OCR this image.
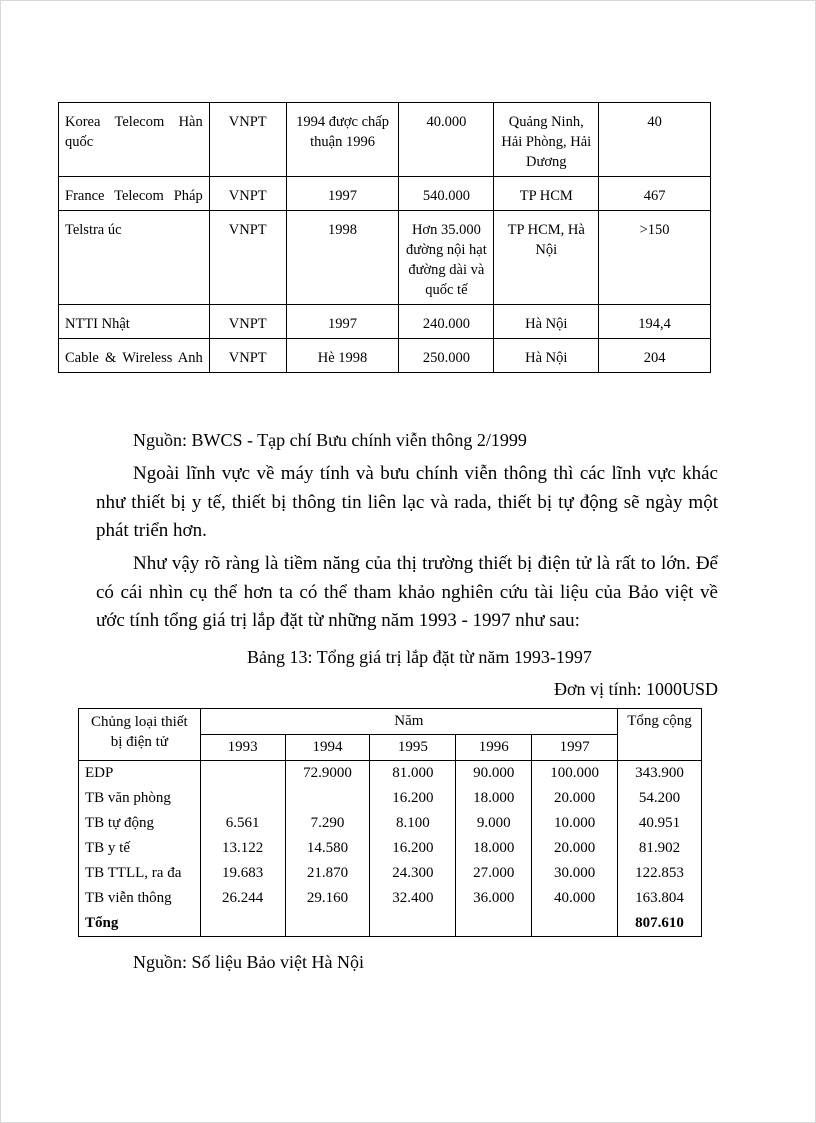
Korea Telecom Hàn quốc	VNPT	1994 được chấp thuận 1996	40.000	Quảng Ninh, Hải Phòng, Hải Dương	40
France Telecom Pháp	VNPT	1997	540.000	TP HCM	467
Telstra úc	VNPT	1998	Hơn 35.000 đường nội hạt đường dài và quốc tế	TP HCM, Hà Nội	>150
NTTI Nhật	VNPT	1997	240.000	Hà Nội	194,4
Cable & Wireless Anh	VNPT	Hè 1998	250.000	Hà Nội	204

Nguồn: BWCS - Tạp chí Bưu chính viễn thông 2/1999

Ngoài lĩnh vực về máy tính và bưu chính viễn thông thì các lĩnh vực khác như thiết bị y tế, thiết bị thông tin liên lạc và rada, thiết bị tự động sẽ ngày một phát triển hơn.

Như vậy rõ ràng là tiềm năng của thị trường thiết bị điện tử là rất to lớn. Để có cái nhìn cụ thể hơn ta có thể tham khảo nghiên cứu tài liệu của Bảo việt về ước tính tổng giá trị lắp đặt từ những năm 1993 - 1997 như sau:

Bảng 13: Tổng giá trị lắp đặt từ năm 1993-1997

Đơn vị tính: 1000USD

Chủng loại thiết bị điện tử	Năm					Tổng cộng
	1993	1994	1995	1996	1997	
EDP		72.9000	81.000	90.000	100.000	343.900
TB văn phòng			16.200	18.000	20.000	54.200
TB tự động	6.561	7.290	8.100	9.000	10.000	40.951
TB y tế	13.122	14.580	16.200	18.000	20.000	81.902
TB TTLL, ra đa	19.683	21.870	24.300	27.000	30.000	122.853
TB viễn thông	26.244	29.160	32.400	36.000	40.000	163.804
Tổng						807.610

Nguồn: Số liệu Bảo việt Hà Nội
